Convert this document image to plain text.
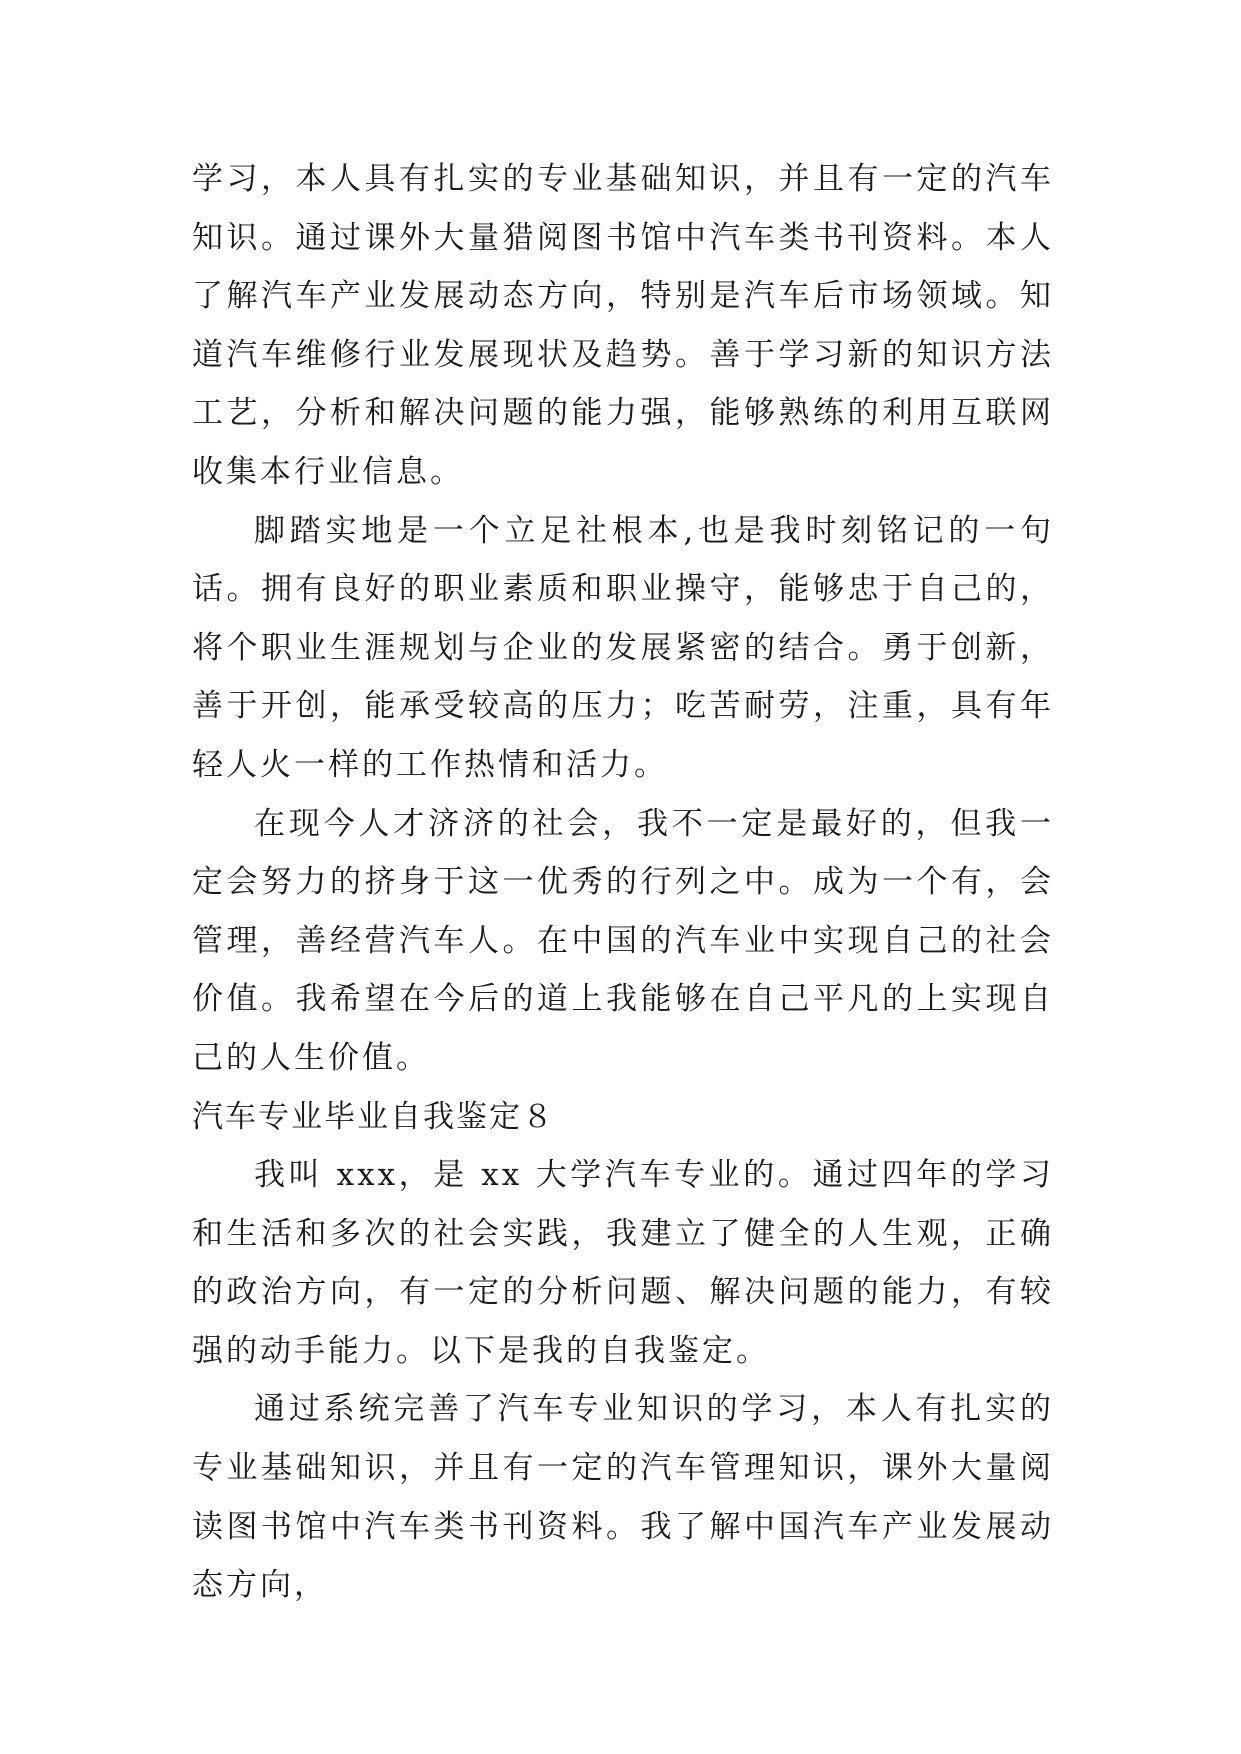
学习，本人具有扎实的专业基础知识，并且有一定的汽车知识。通过课外大量猎阅图书馆中汽车类书刊资料。本人了解汽车产业发展动态方向，特别是汽车后市场领域。知道汽车维修行业发展现状及趋势。善于学习新的知识方法工艺，分析和解决问题的能力强，能够熟练的利用互联网收集本行业信息。

脚踏实地是一个立足社根本,也是我时刻铭记的一句话。拥有良好的职业素质和职业操守，能够忠于自己的，将个职业生涯规划与企业的发展紧密的结合。勇于创新，善于开创，能承受较高的压力；吃苦耐劳，注重，具有年轻人火一样的工作热情和活力。

在现今人才济济的社会，我不一定是最好的，但我一定会努力的挤身于这一优秀的行列之中。成为一个有，会管理，善经营汽车人。在中国的汽车业中实现自己的社会价值。我希望在今后的道上我能够在自己平凡的上实现自己的人生价值。

汽车专业毕业自我鉴定８

我叫 xxx，是 xx 大学汽车专业的。通过四年的学习和生活和多次的社会实践，我建立了健全的人生观，正确的政治方向，有一定的分析问题、解决问题的能力，有较强的动手能力。以下是我的自我鉴定。

通过系统完善了汽车专业知识的学习，本人有扎实的专业基础知识，并且有一定的汽车管理知识，课外大量阅读图书馆中汽车类书刊资料。我了解中国汽车产业发展动态方向，
